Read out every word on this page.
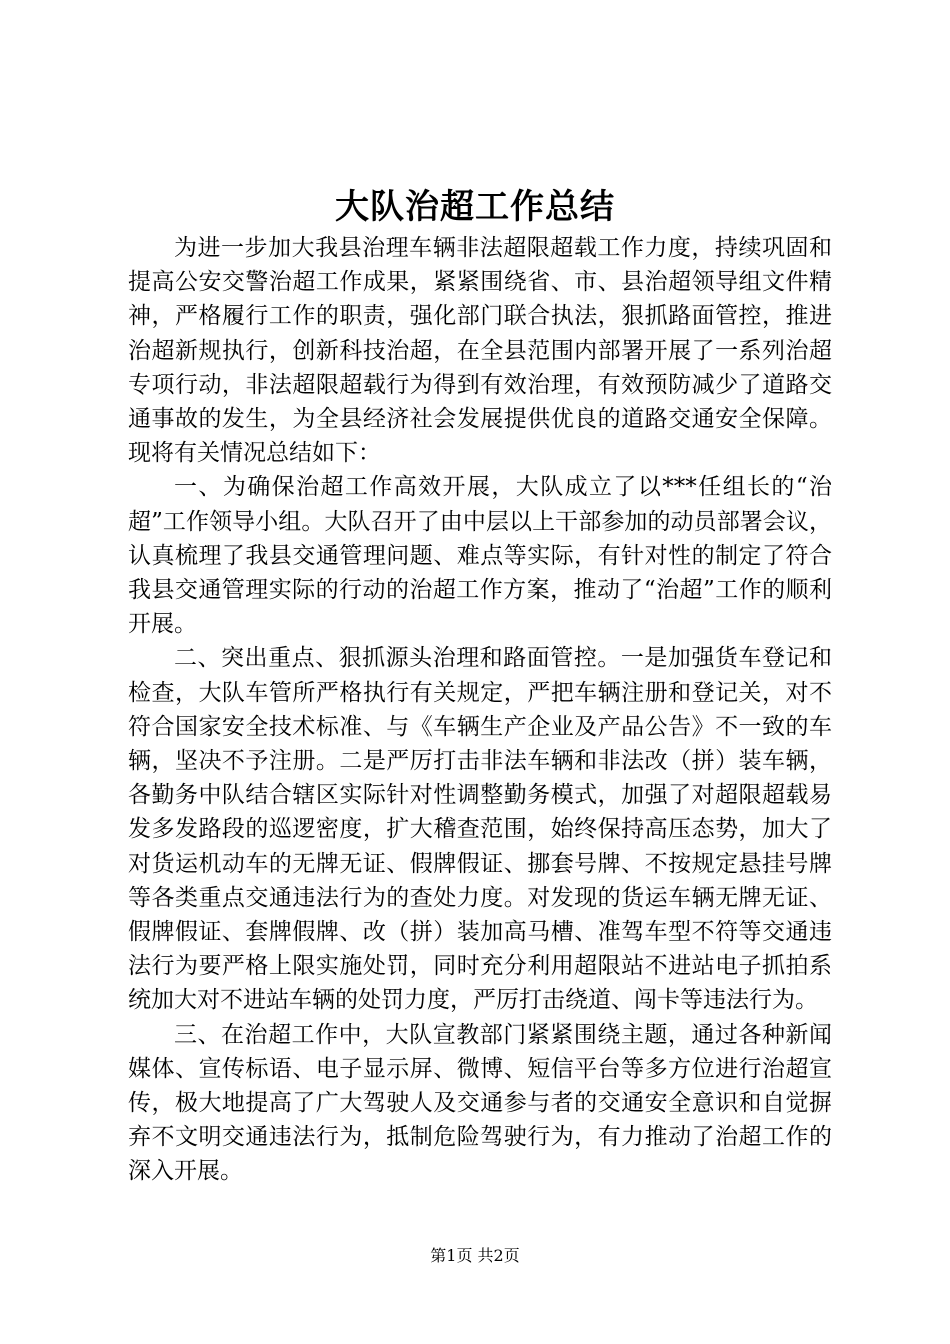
大队治超工作总结

为进一步加大我县治理车辆非法超限超载工作力度，持续巩固和提高公安交警治超工作成果，紧紧围绕省、市、县治超领导组文件精神，严格履行工作的职责，强化部门联合执法，狠抓路面管控，推进治超新规执行，创新科技治超，在全县范围内部署开展了一系列治超专项行动，非法超限超载行为得到有效治理，有效预防减少了道路交通事故的发生，为全县经济社会发展提供优良的道路交通安全保障。现将有关情况总结如下：

一、为确保治超工作高效开展，大队成立了以***任组长的“治超”工作领导小组。大队召开了由中层以上干部参加的动员部署会议，认真梳理了我县交通管理问题、难点等实际，有针对性的制定了符合我县交通管理实际的行动的治超工作方案，推动了“治超”工作的顺利开展。

二、突出重点、狠抓源头治理和路面管控。一是加强货车登记和检查，大队车管所严格执行有关规定，严把车辆注册和登记关，对不符合国家安全技术标准、与《车辆生产企业及产品公告》不一致的车辆，坚决不予注册。二是严厉打击非法车辆和非法改（拼）装车辆，各勤务中队结合辖区实际针对性调整勤务模式，加强了对超限超载易发多发路段的巡逻密度，扩大稽查范围，始终保持高压态势，加大了对货运机动车的无牌无证、假牌假证、挪套号牌、不按规定悬挂号牌等各类重点交通违法行为的查处力度。对发现的货运车辆无牌无证、假牌假证、套牌假牌、改（拼）装加高马槽、准驾车型不符等交通违法行为要严格上限实施处罚，同时充分利用超限站不进站电子抓拍系统加大对不进站车辆的处罚力度，严厉打击绕道、闯卡等违法行为。

三、在治超工作中，大队宣教部门紧紧围绕主题，通过各种新闻媒体、宣传标语、电子显示屏、微博、短信平台等多方位进行治超宣传，极大地提高了广大驾驶人及交通参与者的交通安全意识和自觉摒弃不文明交通违法行为，抵制危险驾驶行为，有力推动了治超工作的深入开展。

第1页 共2页
